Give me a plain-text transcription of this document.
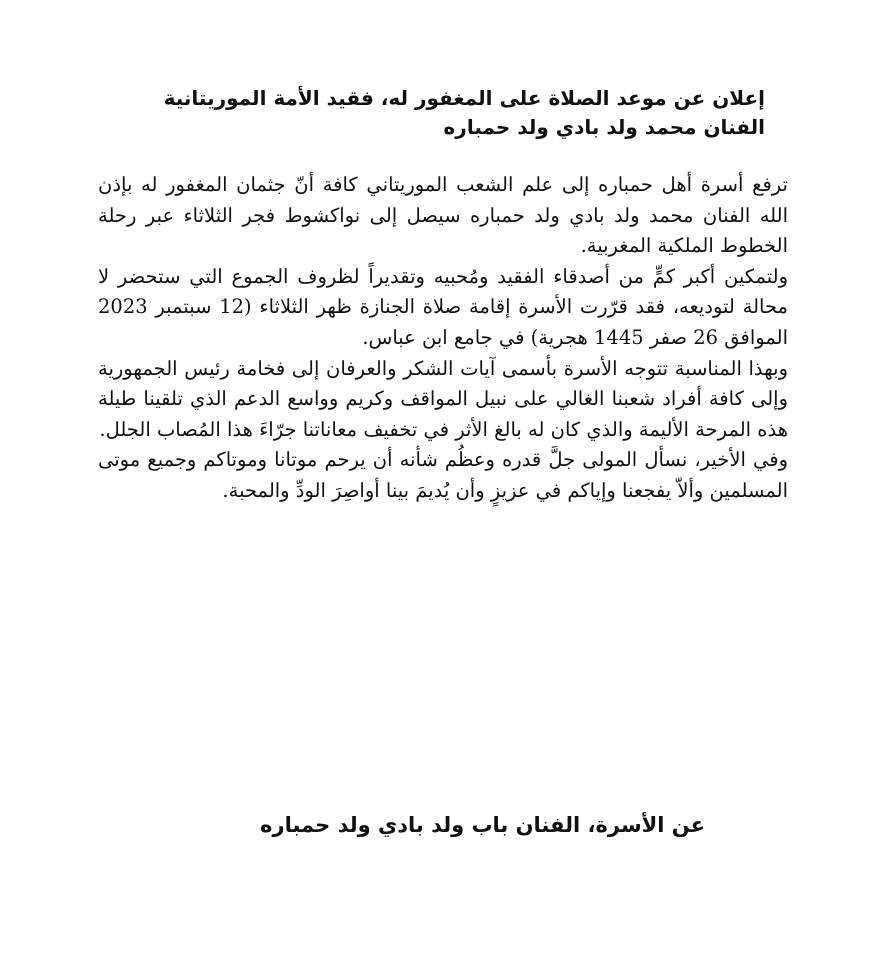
إعلان عن موعد الصلاة على المغفور له، فقيد الأمة الموريتانية
الفنان محمد ولد بادي ولد حمباره

ترفع أسرة أهل حمباره إلى علم الشعب الموريتاني كافة أنّ جثمان المغفور له بإذن الله الفنان محمد ولد بادي ولد حمباره سيصل إلى نواكشوط فجر الثلاثاء عبر رحلة الخطوط الملكية المغربية.

ولتمكين أكبر كمٍّ من أصدقاء الفقيد ومُحبيه وتقديراً لظروف الجموع التي ستحضر لا محالة لتوديعه، فقد قرّرت الأسرة إقامة صلاة الجنازة ظهر الثلاثاء (12 سبتمبر 2023 الموافق 26 صفر 1445 هجرية) في جامع ابن عباس.

وبهذا المناسبة تتوجه الأسرة بأسمى آيات الشكر والعرفان إلى فخامة رئيس الجمهورية وإلى كافة أفراد شعبنا الغالي على نبيل المواقف وكريم وواسع الدعم الذي تلقينا طيلة هذه المرحة الأليمة والذي كان له بالغ الأثر في تخفيف معاناتنا جرّاءَ هذا المُصاب الجلل.

وفي الأخير، نسأل المولى جلَّ قدره وعظُم شأنه أن يرحم موتانا وموتاكم وجميع موتى المسلمين وألاّ يفجعنا وإياكم في عزيزٍ وأن يُديمَ بينا أواصِرَ الودِّ والمحبة.

عن الأسرة، الفنان باب ولد بادي ولد حمباره
